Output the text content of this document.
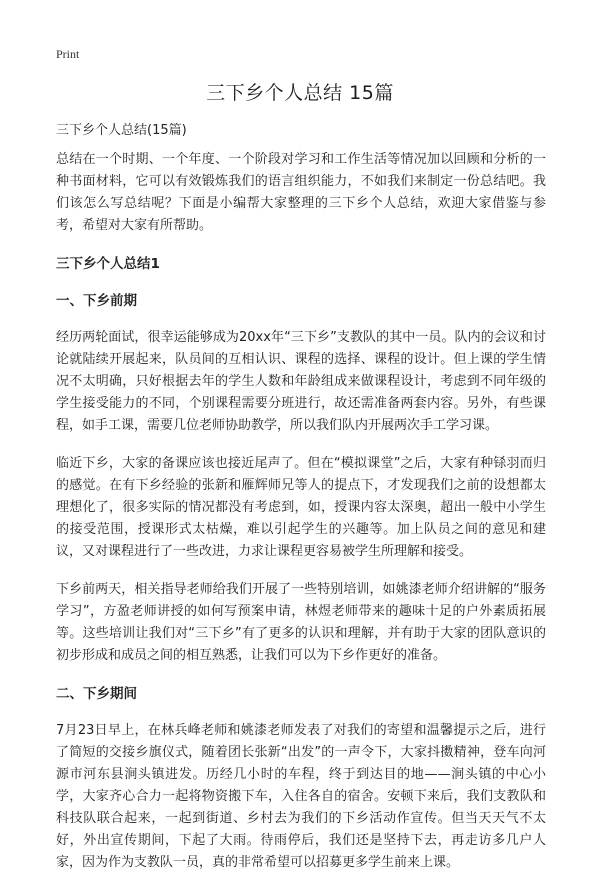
Print
三下乡个人总结 15篇

三下乡个人总结(15篇)

总结在一个时期、一个年度、一个阶段对学习和工作生活等情况加以回顾和分析的一种书面材料，它可以有效锻炼我们的语言组织能力，不如我们来制定一份总结吧。我们该怎么写总结呢？下面是小编帮大家整理的三下乡个人总结，欢迎大家借鉴与参考，希望对大家有所帮助。

三下乡个人总结1

一、下乡前期

经历两轮面试，很幸运能够成为20xx年“三下乡”支教队的其中一员。队内的会议和讨论就陆续开展起来，队员间的互相认识、课程的选择、课程的设计。但上课的学生情况不太明确，只好根据去年的学生人数和年龄组成来做课程设计，考虑到不同年级的学生接受能力的不同，个别课程需要分班进行，故还需准备两套内容。另外，有些课程，如手工课，需要几位老师协助教学，所以我们队内开展两次手工学习课。

临近下乡，大家的备课应该也接近尾声了。但在“模拟课堂”之后，大家有种铩羽而归的感觉。在有下乡经验的张新和雁辉师兄等人的提点下，才发现我们之前的设想都太理想化了，很多实际的情况都没有考虑到，如，授课内容太深奥，超出一般中小学生的接受范围，授课形式太枯燥，难以引起学生的兴趣等。加上队员之间的意见和建议，又对课程进行了一些改进，力求让课程更容易被学生所理解和接受。

下乡前两天，相关指导老师给我们开展了一些特别培训，如姚漆老师介绍讲解的“服务学习”，方盈老师讲授的如何写预案申请，林煜老师带来的趣味十足的户外素质拓展等。这些培训让我们对“三下乡”有了更多的认识和理解，并有助于大家的团队意识的初步形成和成员之间的相互熟悉，让我们可以为下乡作更好的准备。

二、下乡期间

7月23日早上，在林兵峰老师和姚漆老师发表了对我们的寄望和温馨提示之后，进行了简短的交接乡旗仪式，随着团长张新“出发”的一声令下，大家抖擞精神，登车向河源市河东县涧头镇进发。历经几小时的车程，终于到达目的地——涧头镇的中心小学，大家齐心合力一起将物资搬下车，入住各自的宿舍。安顿下来后，我们支教队和科技队联合起来，一起到街道、乡村去为我们的下乡活动作宣传。但当天天气不太好，外出宣传期间，下起了大雨。待雨停后，我们还是坚持下去，再走访多几户人家，因为作为支教队一员，真的非常希望可以招募更多学生前来上课。
